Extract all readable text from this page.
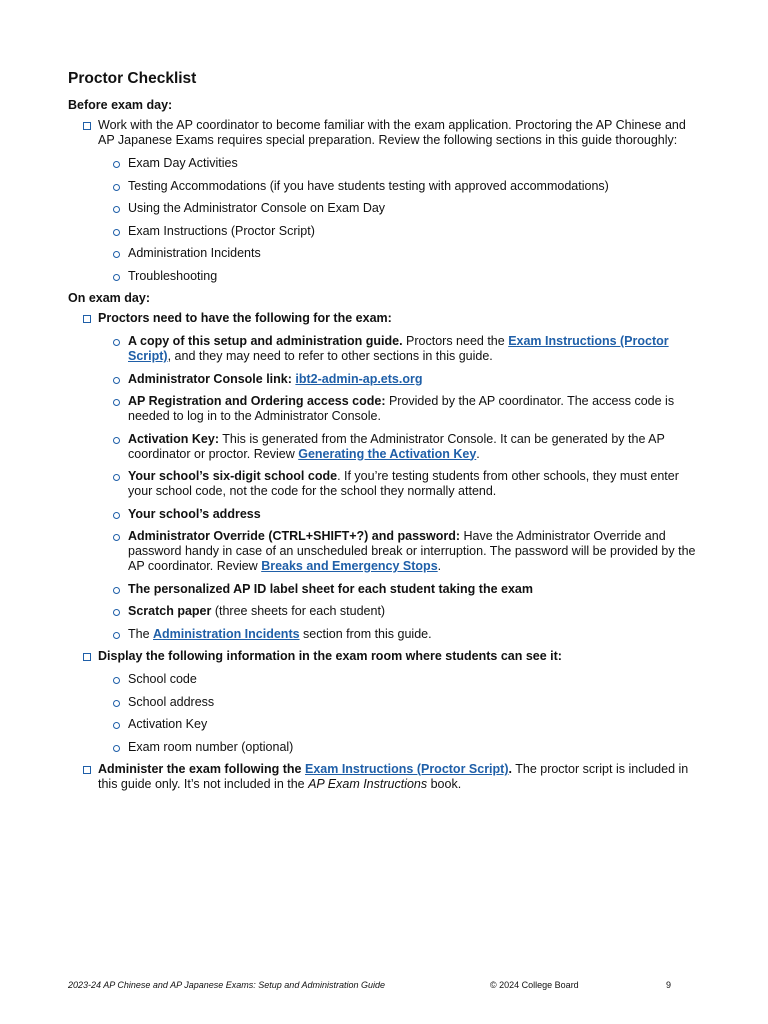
Proctor Checklist
Before exam day:
Work with the AP coordinator to become familiar with the exam application. Proctoring the AP Chinese and AP Japanese Exams requires special preparation. Review the following sections in this guide thoroughly:
Exam Day Activities
Testing Accommodations (if you have students testing with approved accommodations)
Using the Administrator Console on Exam Day
Exam Instructions (Proctor Script)
Administration Incidents
Troubleshooting
On exam day:
Proctors need to have the following for the exam:
A copy of this setup and administration guide. Proctors need the Exam Instructions (Proctor Script), and they may need to refer to other sections in this guide.
Administrator Console link: ibt2-admin-ap.ets.org
AP Registration and Ordering access code: Provided by the AP coordinator. The access code is needed to log in to the Administrator Console.
Activation Key: This is generated from the Administrator Console. It can be generated by the AP coordinator or proctor. Review Generating the Activation Key.
Your school’s six-digit school code. If you’re testing students from other schools, they must enter your school code, not the code for the school they normally attend.
Your school’s address
Administrator Override (CTRL+SHIFT+?) and password: Have the Administrator Override and password handy in case of an unscheduled break or interruption. The password will be provided by the AP coordinator. Review Breaks and Emergency Stops.
The personalized AP ID label sheet for each student taking the exam
Scratch paper (three sheets for each student)
The Administration Incidents section from this guide.
Display the following information in the exam room where students can see it:
School code
School address
Activation Key
Exam room number (optional)
Administer the exam following the Exam Instructions (Proctor Script). The proctor script is included in this guide only. It’s not included in the AP Exam Instructions book.
2023-24 AP Chinese and AP Japanese Exams: Setup and Administration Guide	© 2024 College Board	9
